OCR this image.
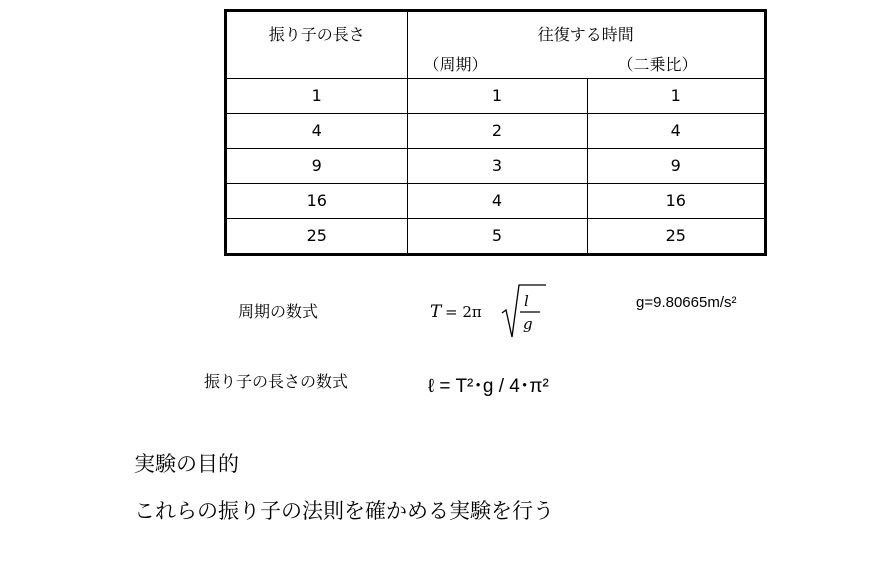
振り子の長さ	往復する時間
（周期） （二乗比）	

1	1	1
4	2	4
9	3	9
16	4	16
25	5	25
周期の数式	T = 2π
l
g
g=9.80665m/s²
振り子の長さの数式	ℓ = T²･g / 4･π²
実験の目的
これらの振り子の法則を確かめる実験を行う
